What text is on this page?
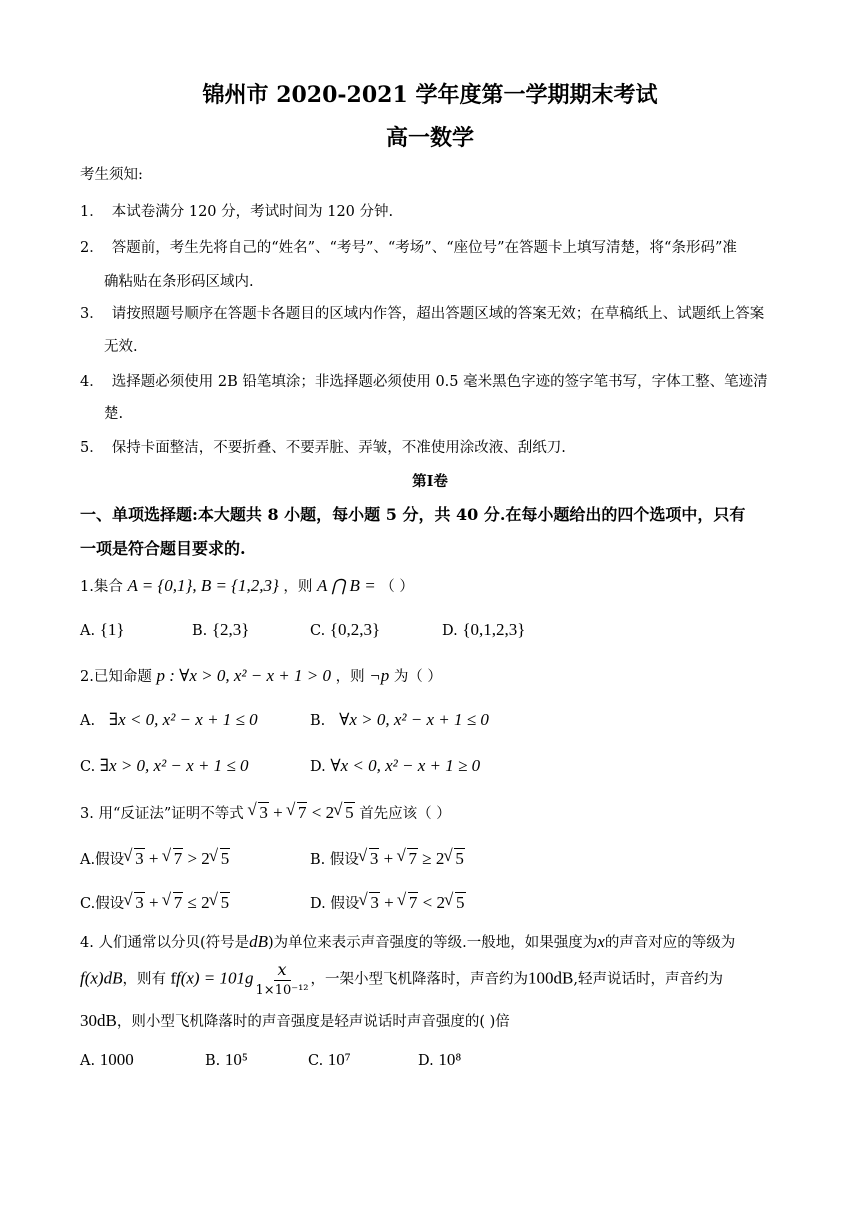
锦州市 2020-2021 学年度第一学期期末考试
高一数学
考生须知:
1． 本试卷满分 120 分，考试时间为 120 分钟.
2． 答题前，考生先将自己的“姓名”、“考号”、“考场”、“座位号”在答题卡上填写清楚，将“条形码”准
确粘贴在条形码区域内.
3． 请按照题号顺序在答题卡各题目的区域内作答，超出答题区域的答案无效；在草稿纸上、试题纸上答案
无效.
4． 选择题必须使用 2B 铅笔填涂；非选择题必须使用 0.5 毫米黑色字迹的签字笔书写，字体工整、笔迹清
楚.
5． 保持卡面整洁，不要折叠、不要弄脏、弄皱，不准使用涂改液、刮纸刀.
第Ⅰ卷
一、单项选择题:本大题共 8 小题，每小题 5 分，共 40 分.在每小题给出的四个选项中，只有
一项是符合题目要求的.
1.集合 A = {0,1}, B = {1,2,3} ，则 A ⋂ B = （ ）
A. {1}	B. {2,3}	C. {0,2,3}	D. {0,1,2,3}
2.已知命题 p : ∀x > 0, x² − x + 1 > 0 ，则 ¬p 为（ ）
A. ∃x < 0, x² − x + 1 ≤ 0	B. ∀x > 0, x² − x + 1 ≤ 0
C. ∃x > 0, x² − x + 1 ≤ 0	D. ∀x < 0, x² − x + 1 ≥ 0
3. 用“反证法”证明不等式 √ 3 + √ 7 < 2 √ 5 首先应该（ ）
A.假设 √ 3 + √ 7 > 2 √ 5	B. 假设 √ 3 + √ 7 ≥ 2 √ 5
C.假设 √ 3 + √ 7 ≤ 2 √ 5	D. 假设 √ 3 + √ 7 < 2 √ 5
4. 人们通常以分贝(符号是dB)为单位来表示声音强度的等级.一般地，如果强度为x的声音对应的等级为
f(x)dB，则有 $ff(x) = 101g \frac{x}{\text{1×10⁻¹²}}$ ，一架小型飞机降落时，声音约为100dB,轻声说话时，声音约为
30dB，则小型飞机降落时的声音强度是轻声说话时声音强度的( )倍
A. 1000	B. 10⁵	C. 10⁷	D. 10⁸
